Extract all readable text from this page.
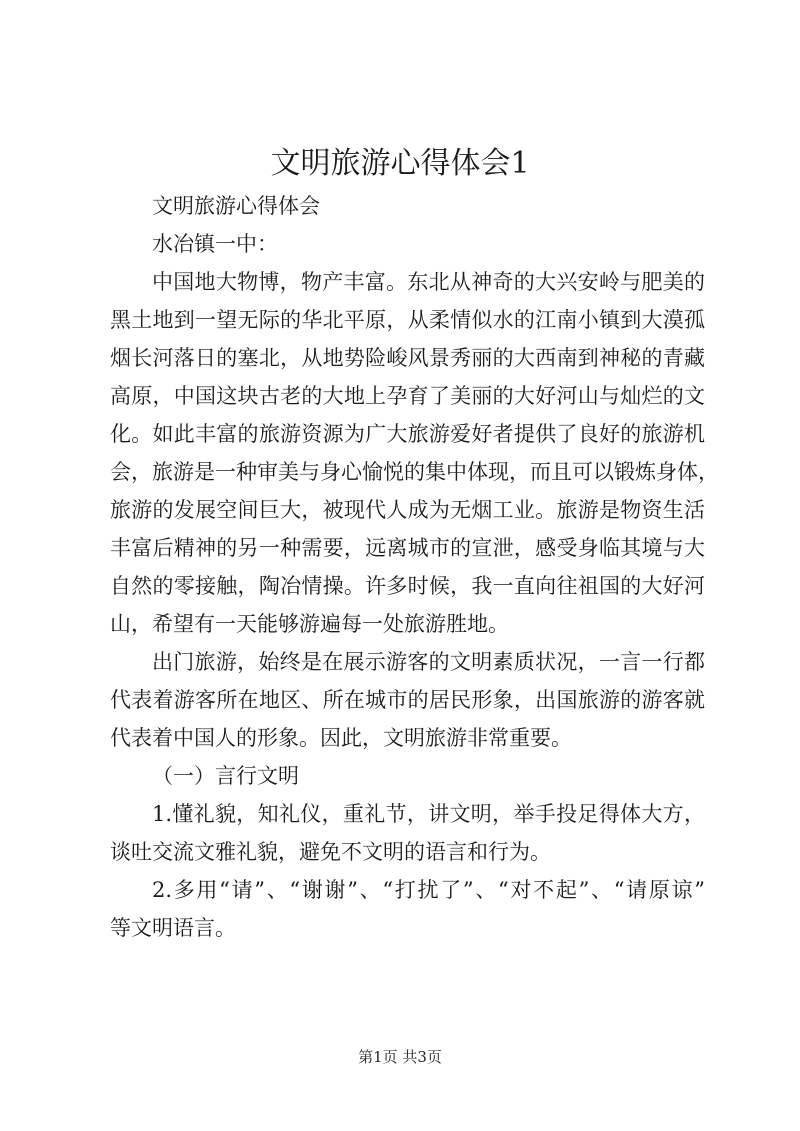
文明旅游心得体会1
文明旅游心得体会
水冶镇一中：
中国地大物博，物产丰富。东北从神奇的大兴安岭与肥美的
黑土地到一望无际的华北平原，从柔情似水的江南小镇到大漠孤
烟长河落日的塞北，从地势险峻风景秀丽的大西南到神秘的青藏
高原，中国这块古老的大地上孕育了美丽的大好河山与灿烂的文
化。如此丰富的旅游资源为广大旅游爱好者提供了良好的旅游机
会，旅游是一种审美与身心愉悦的集中体现，而且可以锻炼身体，
旅游的发展空间巨大，被现代人成为无烟工业。旅游是物资生活
丰富后精神的另一种需要，远离城市的宣泄，感受身临其境与大
自然的零接触，陶冶情操。许多时候，我一直向往祖国的大好河
山，希望有一天能够游遍每一处旅游胜地。
出门旅游，始终是在展示游客的文明素质状况，一言一行都
代表着游客所在地区、所在城市的居民形象，出国旅游的游客就
代表着中国人的形象。因此，文明旅游非常重要。
（一）言行文明
1.懂礼貌，知礼仪，重礼节，讲文明，举手投足得体大方，
谈吐交流文雅礼貌，避免不文明的语言和行为。
2.多用“请”、“谢谢”、“打扰了”、“对不起”、“请原谅”
等文明语言。
第1页 共3页
